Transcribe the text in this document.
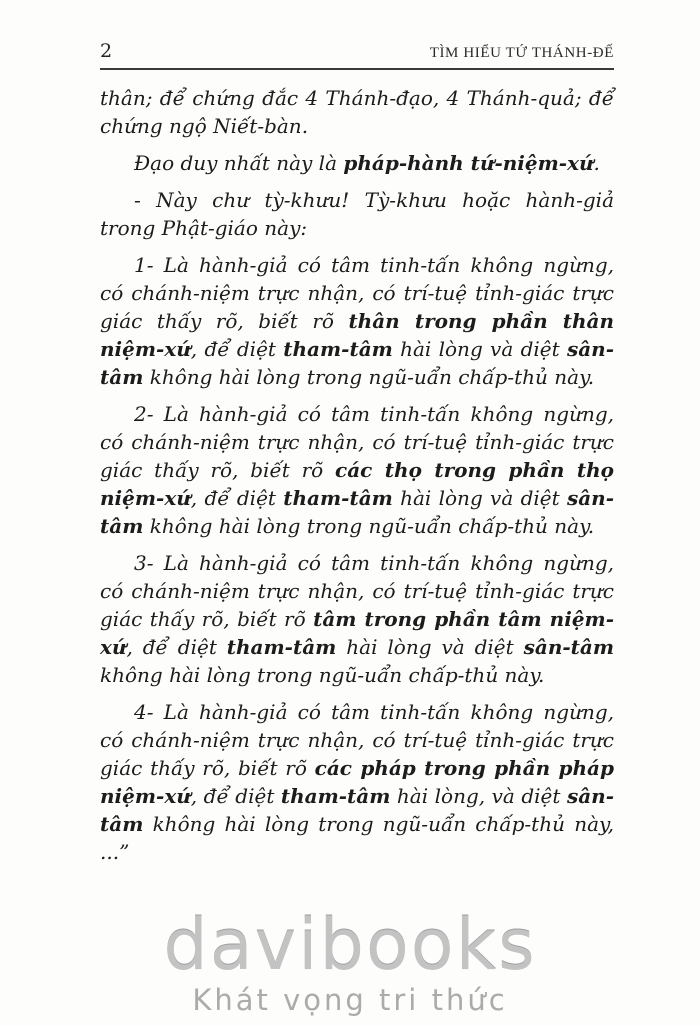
2	TÌM HIỂU TỨ THÁNH-ĐẾ

thân; để chứng đắc 4 Thánh-đạo, 4 Thánh-quả; để chứng ngộ Niết-bàn.

Đạo duy nhất này là pháp-hành tứ-niệm-xứ.

- Này chư tỳ-khưu! Tỳ-khưu hoặc hành-giả trong Phật-giáo này:

1- Là hành-giả có tâm tinh-tấn không ngừng, có chánh-niệm trực nhận, có trí-tuệ tỉnh-giác trực giác thấy rõ, biết rõ thân trong phần thân niệm-xứ, để diệt tham-tâm hài lòng và diệt sân-tâm không hài lòng trong ngũ-uẩn chấp-thủ này.

2- Là hành-giả có tâm tinh-tấn không ngừng, có chánh-niệm trực nhận, có trí-tuệ tỉnh-giác trực giác thấy rõ, biết rõ các thọ trong phần thọ niệm-xứ, để diệt tham-tâm hài lòng và diệt sân-tâm không hài lòng trong ngũ-uẩn chấp-thủ này.

3- Là hành-giả có tâm tinh-tấn không ngừng, có chánh-niệm trực nhận, có trí-tuệ tỉnh-giác trực giác thấy rõ, biết rõ tâm trong phần tâm niệm-xứ, để diệt tham-tâm hài lòng và diệt sân-tâm không hài lòng trong ngũ-uẩn chấp-thủ này.

4- Là hành-giả có tâm tinh-tấn không ngừng, có chánh-niệm trực nhận, có trí-tuệ tỉnh-giác trực giác thấy rõ, biết rõ các pháp trong phần pháp niệm-xứ, để diệt tham-tâm hài lòng, và diệt sân-tâm không hài lòng trong ngũ-uẩn chấp-thủ này, ...”

davibooks
Khát vọng tri thức
